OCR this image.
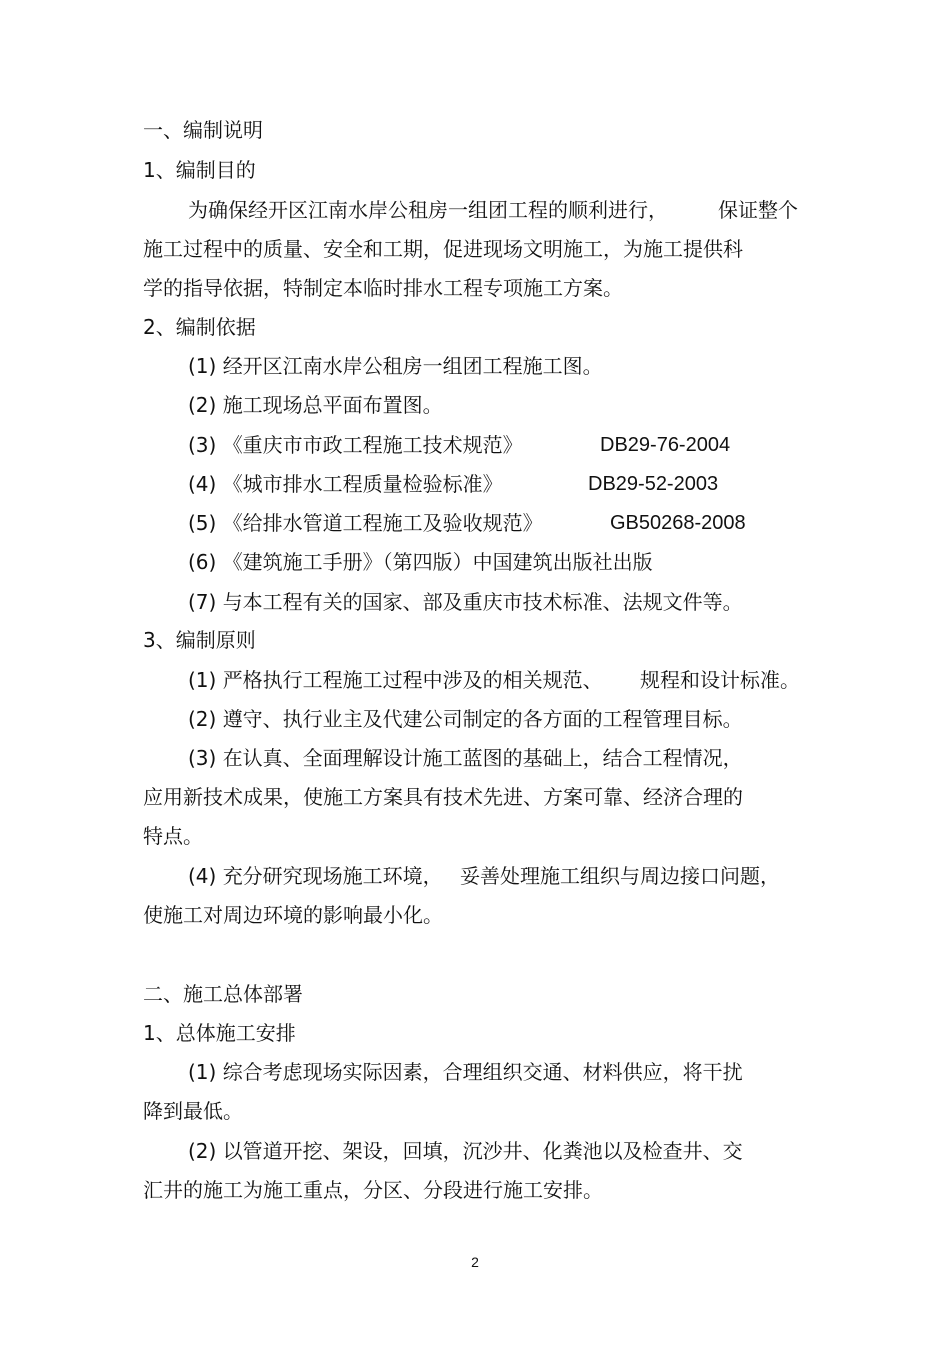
一、编制说明
1、编制目的
为确保经开区江南水岸公租房一组团工程的顺利进行，	保证整个
施工过程中的质量、安全和工期，促进现场文明施工，为施工提供科
学的指导依据，特制定本临时排水工程专项施工方案。
2、编制依据
(1) 经开区江南水岸公租房一组团工程施工图。
(2) 施工现场总平面布置图。
(3) 《重庆市市政工程施工技术规范》	DB29-76-2004
(4) 《城市排水工程质量检验标准》	DB29-52-2003
(5) 《给排水管道工程施工及验收规范》	GB50268-2008
(6) 《建筑施工手册》（第四版）中国建筑出版社出版
(7) 与本工程有关的国家、部及重庆市技术标准、法规文件等。
3、编制原则
(1) 严格执行工程施工过程中涉及的相关规范、 规程和设计标准。
(2) 遵守、执行业主及代建公司制定的各方面的工程管理目标。
(3) 在认真、全面理解设计施工蓝图的基础上，结合工程情况，
应用新技术成果，使施工方案具有技术先进、方案可靠、经济合理的
特点。
(4) 充分研究现场施工环境， 妥善处理施工组织与周边接口问题，
使施工对周边环境的影响最小化。
二、施工总体部署
1、总体施工安排
(1) 综合考虑现场实际因素，合理组织交通、材料供应，将干扰
降到最低。
(2) 以管道开挖、架设，回填，沉沙井、化粪池以及检查井、交
汇井的施工为施工重点，分区、分段进行施工安排。
2
